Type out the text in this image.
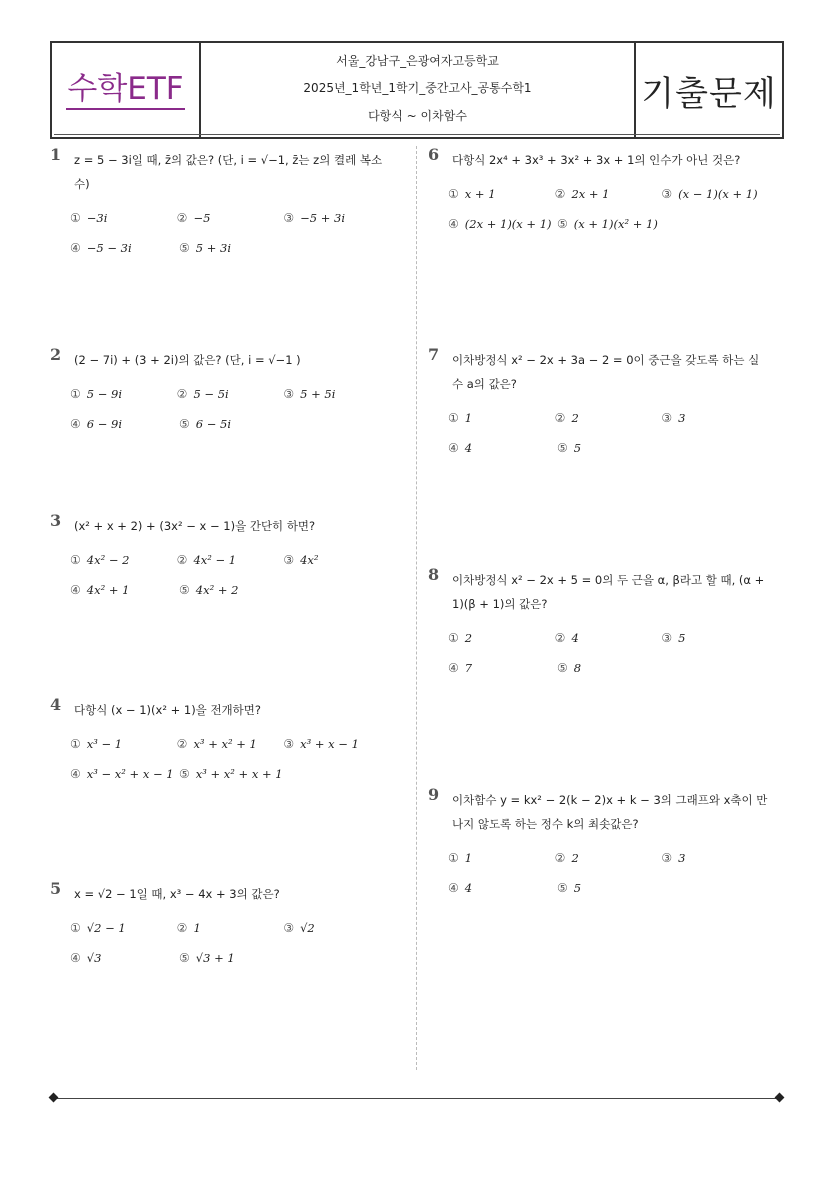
수학ETF
서울_강남구_은광여자고등학교
2025년_1학년_1학기_중간고사_공통수학1
다항식 ~ 이차함수
기출문제
1 z = 5 − 3i일 때, z̄의 값은? (단, i = √−1, z̄는 z의 켤레 복소수)
① −3i	② −5	③ −5 + 3i
④ −5 − 3i	⑤ 5 + 3i
2 (2 − 7i) + (3 + 2i)의 값은? (단, i = √−1 )
① 5 − 9i	② 5 − 5i	③ 5 + 5i
④ 6 − 9i	⑤ 6 − 5i
3 (x² + x + 2) + (3x² − x − 1)을 간단히 하면?
① 4x² − 2	② 4x² − 1	③ 4x²
④ 4x² + 1	⑤ 4x² + 2
4 다항식 (x − 1)(x² + 1)을 전개하면?
① x³ − 1	② x³ + x² + 1 ③ x³ + x − 1
④ x³ − x² + x − 1 ⑤ x³ + x² + x + 1
5 x = √2 − 1일 때, x³ − 4x + 3의 값은?
① √2 − 1	② 1	③ √2
④ √3	⑤ √3 + 1
6 다항식 2x⁴ + 3x³ + 3x² + 3x + 1의 인수가 아닌 것은?
① x + 1	② 2x + 1	③ (x − 1)(x + 1)
④ (2x + 1)(x + 1) ⑤ (x + 1)(x² + 1)
7 이차방정식 x² − 2x + 3a − 2 = 0이 중근을 갖도록 하는 실수 a의 값은?
① 1	② 2	③ 3
④ 4	⑤ 5
8 이차방정식 x² − 2x + 5 = 0의 두 근을 α, β라고 할 때, (α + 1)(β + 1)의 값은?
① 2	② 4	③ 5
④ 7	⑤ 8
9 이차함수 y = kx² − 2(k − 2)x + k − 3의 그래프와 x축이 만나지 않도록 하는 정수 k의 최솟값은?
① 1	② 2	③ 3
④ 4	⑤ 5
